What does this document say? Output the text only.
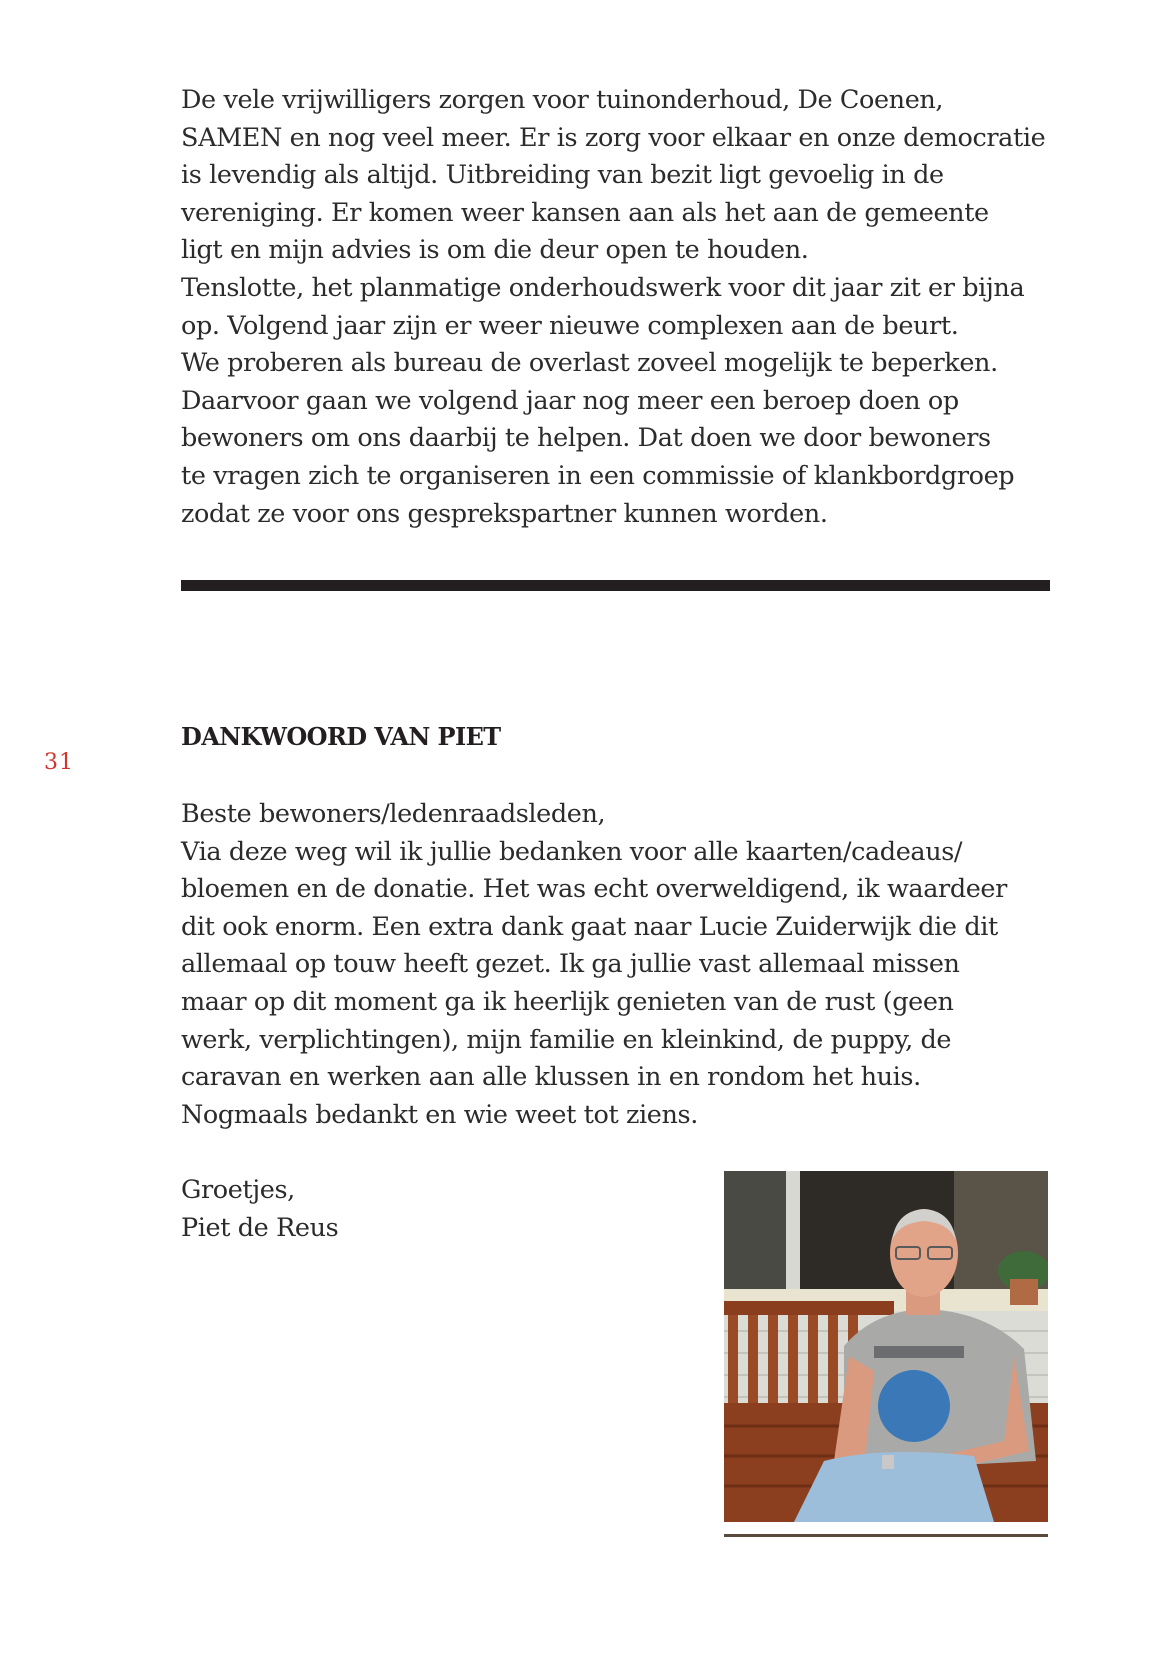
De vele vrijwilligers zorgen voor tuinonderhoud, De Coenen,
SAMEN en nog veel meer. Er is zorg voor elkaar en onze democratie
is levendig als altijd. Uitbreiding van bezit ligt gevoelig in de
vereniging. Er komen weer kansen aan als het aan de gemeente
ligt en mijn advies is om die deur open te houden.
Tenslotte, het planmatige onderhoudswerk voor dit jaar zit er bijna
op. Volgend jaar zijn er weer nieuwe complexen aan de beurt.
We proberen als bureau de overlast zoveel mogelijk te beperken.
Daarvoor gaan we volgend jaar nog meer een beroep doen op
bewoners om ons daarbij te helpen. Dat doen we door bewoners
te vragen zich te organiseren in een commissie of klankbordgroep
zodat ze voor ons gesprekspartner kunnen worden.
DANKWOORD VAN PIET
31
Beste bewoners/ledenraadsleden,
Via deze weg wil ik jullie bedanken voor alle kaarten/cadeaus/
bloemen en de donatie. Het was echt overweldigend, ik waardeer
dit ook enorm. Een extra dank gaat naar Lucie Zuiderwijk die dit
allemaal op touw heeft gezet. Ik ga jullie vast allemaal missen
maar op dit moment ga ik heerlijk genieten van de rust (geen
werk, verplichtingen), mijn familie en kleinkind, de puppy, de
caravan en werken aan alle klussen in en rondom het huis.
Nogmaals bedankt en wie weet tot ziens.
Groetjes,
Piet de Reus
